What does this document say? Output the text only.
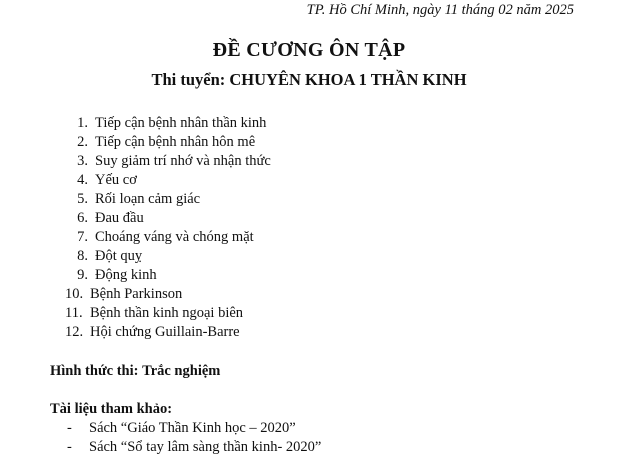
TP. Hồ Chí Minh, ngày 11 tháng 02 năm 2025
ĐỀ CƯƠNG ÔN TẬP
Thi tuyển: CHUYÊN KHOA 1 THẦN KINH
1. Tiếp cận bệnh nhân thần kinh
2. Tiếp cận bệnh nhân hôn mê
3. Suy giảm trí nhớ và nhận thức
4. Yếu cơ
5. Rối loạn cảm giác
6. Đau đầu
7. Choáng váng và chóng mặt
8. Đột quỵ
9. Động kinh
10. Bệnh Parkinson
11. Bệnh thần kinh ngoại biên
12. Hội chứng Guillain-Barre
Hình thức thi: Trắc nghiệm
Tài liệu tham khảo:
-	Sách “Giáo Thần Kinh học – 2020”
-	Sách “Sổ tay lâm sàng thần kinh- 2020”
